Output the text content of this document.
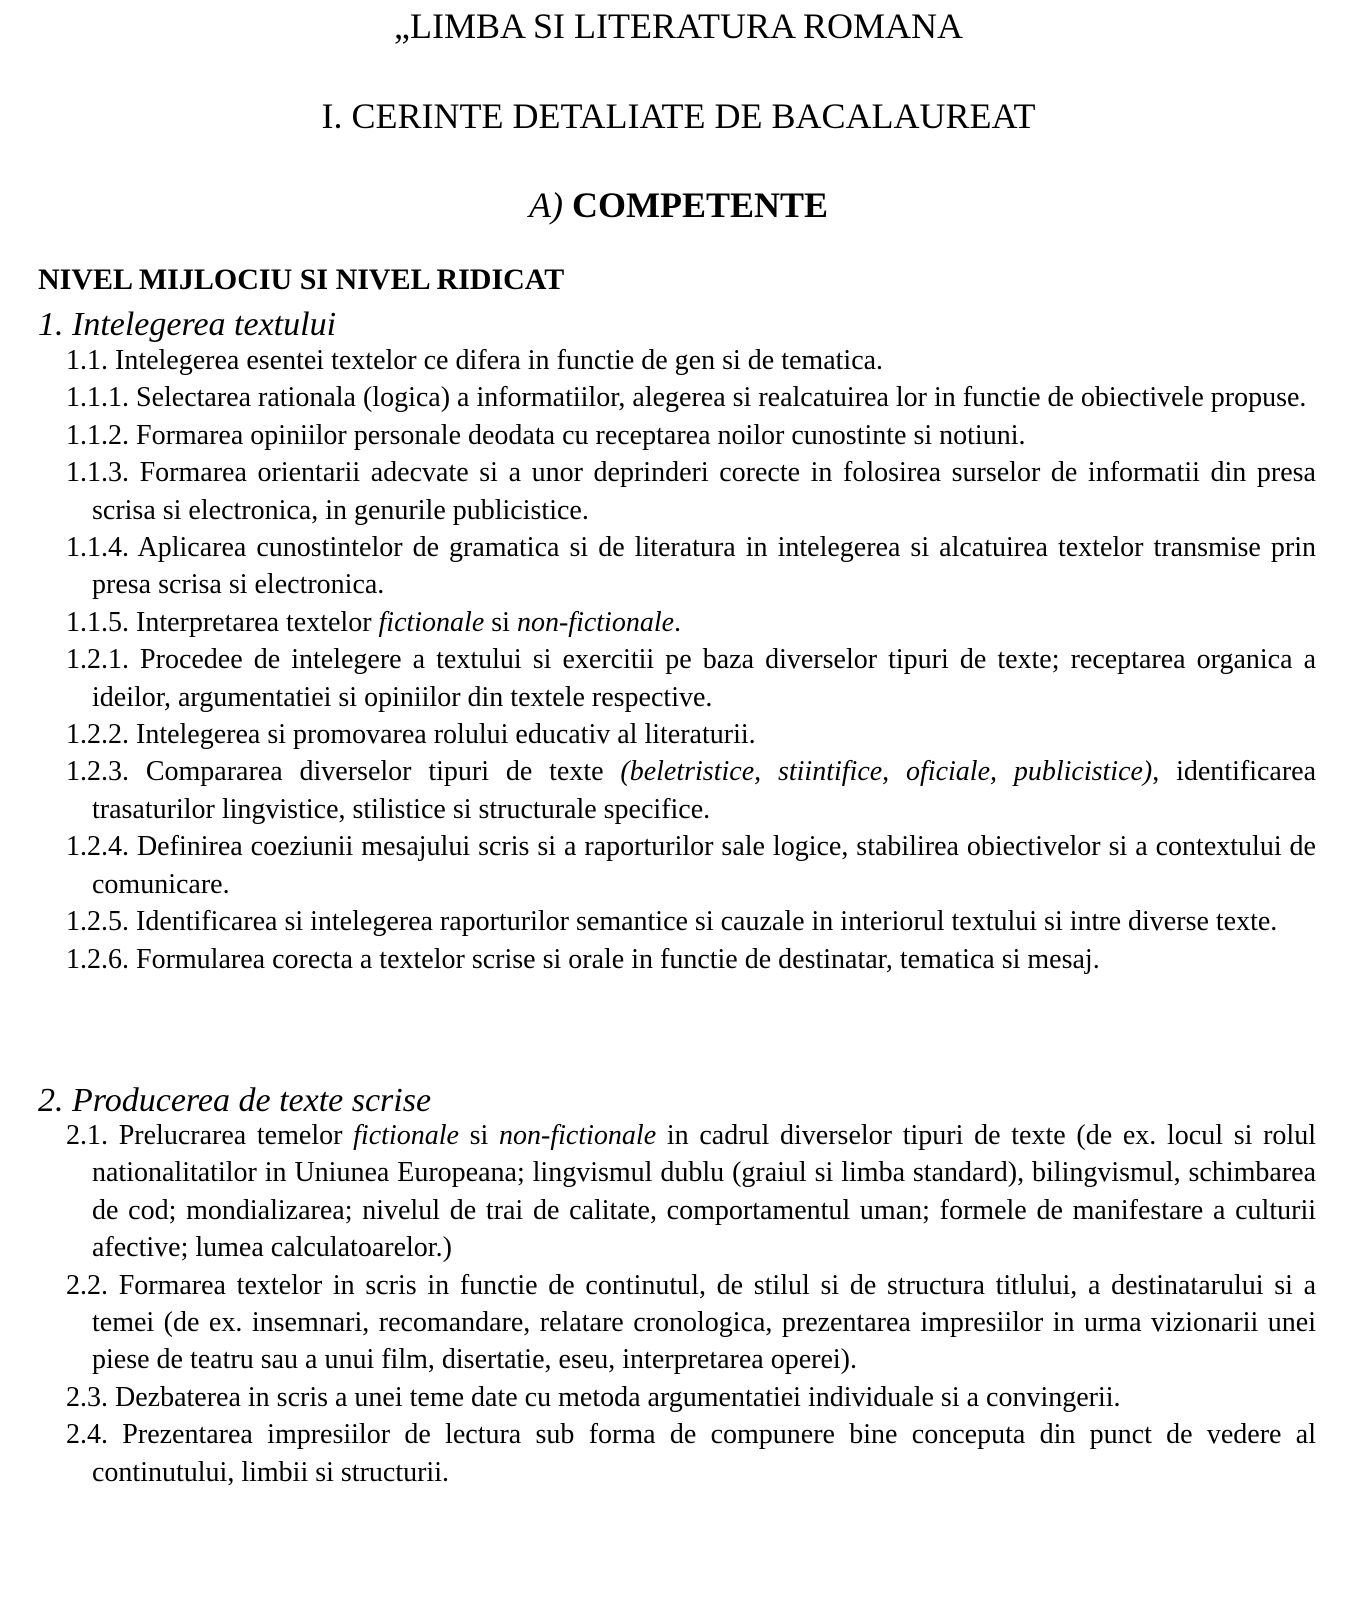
„LIMBA SI LITERATURA ROMANA
I. CERINTE DETALIATE DE BACALAUREAT
A) COMPETENTE
NIVEL MIJLOCIU SI NIVEL RIDICAT
1. Intelegerea textului
1.1. Intelegerea esentei textelor ce difera in functie de gen si de tematica.
1.1.1. Selectarea rationala (logica) a informatiilor, alegerea si realcatuirea lor in functie de obiectivele propuse.
1.1.2. Formarea opiniilor personale deodata cu receptarea noilor cunostinte si notiuni.
1.1.3. Formarea orientarii adecvate si a unor deprinderi corecte in folosirea surselor de informatii din presa scrisa si electronica, in genurile publicistice.
1.1.4. Aplicarea cunostintelor de gramatica si de literatura in intelegerea si alcatuirea textelor transmise prin presa scrisa si electronica.
1.1.5. Interpretarea textelor fictionale si non-fictionale.
1.2.1. Procedee de intelegere a textului si exercitii pe baza diverselor tipuri de texte; receptarea organica a ideilor, argumentatiei si opiniilor din textele respective.
1.2.2. Intelegerea si promovarea rolului educativ al literaturii.
1.2.3. Compararea diverselor tipuri de texte (beletristice, stiintifice, oficiale, publicistice), identificarea trasaturilor lingvistice, stilistice si structurale specifice.
1.2.4. Definirea coeziunii mesajului scris si a raporturilor sale logice, stabilirea obiectivelor si a contextului de comunicare.
1.2.5. Identificarea si intelegerea raporturilor semantice si cauzale in interiorul textului si intre diverse texte.
1.2.6. Formularea corecta a textelor scrise si orale in functie de destinatar, tematica si mesaj.
2. Producerea de texte scrise
2.1. Prelucrarea temelor fictionale si non-fictionale in cadrul diverselor tipuri de texte (de ex. locul si rolul nationalitatilor in Uniunea Europeana; lingvismul dublu (graiul si limba standard), bilingvismul, schimbarea de cod; mondializarea; nivelul de trai de calitate, comportamentul uman; formele de manifestare a culturii afective; lumea calculatoarelor.)
2.2. Formarea textelor in scris in functie de continutul, de stilul si de structura titlului, a destinatarului si a temei (de ex. insemnari, recomandare, relatare cronologica, prezentarea impresiilor in urma vizionarii unei piese de teatru sau a unui film, disertatie, eseu, interpretarea operei).
2.3. Dezbaterea in scris a unei teme date cu metoda argumentatiei individuale si a convingerii.
2.4. Prezentarea impresiilor de lectura sub forma de compunere bine conceputa din punct de vedere al continutului, limbii si structurii.
